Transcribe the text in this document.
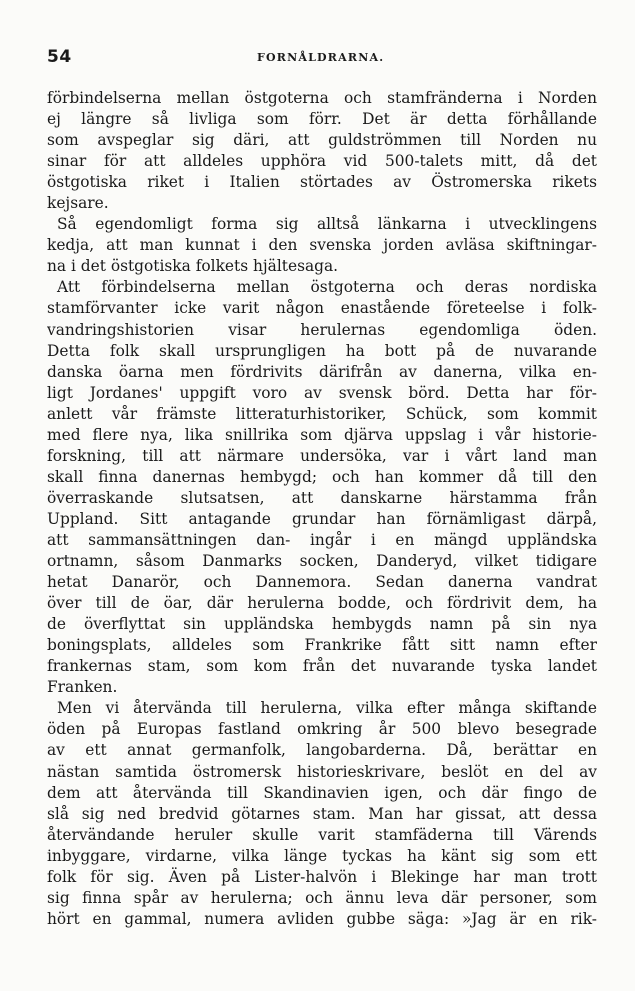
54	FORNÅLDRARNA.
förbindelserna mellan östgoterna och stamfränderna i Norden
ej längre så livliga som förr. Det är detta förhållande
som avspeglar sig däri, att guldströmmen till Norden nu
sinar för att alldeles upphöra vid 500-talets mitt, då det
östgotiska riket i Italien störtades av Östromerska rikets
kejsare.
Så egendomligt forma sig alltså länkarna i utvecklingens
kedja, att man kunnat i den svenska jorden avläsa skiftningar-
na i det östgotiska folkets hjältesaga.
Att förbindelserna mellan östgoterna och deras nordiska
stamförvanter icke varit någon enastående företeelse i folk-
vandringshistorien visar herulernas egendomliga öden.
Detta folk skall ursprungligen ha bott på de nuvarande
danska öarna men fördrivits därifrån av danerna, vilka en-
ligt Jordanes' uppgift voro av svensk börd. Detta har för-
anlett vår främste litteraturhistoriker, Schück, som kommit
med flere nya, lika snillrika som djärva uppslag i vår historie-
forskning, till att närmare undersöka, var i vårt land man
skall finna danernas hembygd; och han kommer då till den
överraskande slutsatsen, att danskarne härstamma från
Uppland. Sitt antagande grundar han förnämligast därpå,
att sammansättningen dan- ingår i en mängd uppländska
ortnamn, såsom Danmarks socken, Danderyd, vilket tidigare
hetat Danarör, och Dannemora. Sedan danerna vandrat
över till de öar, där herulerna bodde, och fördrivit dem, ha
de överflyttat sin uppländska hembygds namn på sin nya
boningsplats, alldeles som Frankrike fått sitt namn efter
frankernas stam, som kom från det nuvarande tyska landet
Franken.
Men vi återvända till herulerna, vilka efter många skiftande
öden på Europas fastland omkring år 500 blevo besegrade
av ett annat germanfolk, langobarderna. Då, berättar en
nästan samtida östromersk historieskrivare, beslöt en del av
dem att återvända till Skandinavien igen, och där fingo de
slå sig ned bredvid götarnes stam. Man har gissat, att dessa
återvändande heruler skulle varit stamfäderna till Värends
inbyggare, virdarne, vilka länge tyckas ha känt sig som ett
folk för sig. Även på Lister-halvön i Blekinge har man trott
sig finna spår av herulerna; och ännu leva där personer, som
hört en gammal, numera avliden gubbe säga: »Jag är en rik-
